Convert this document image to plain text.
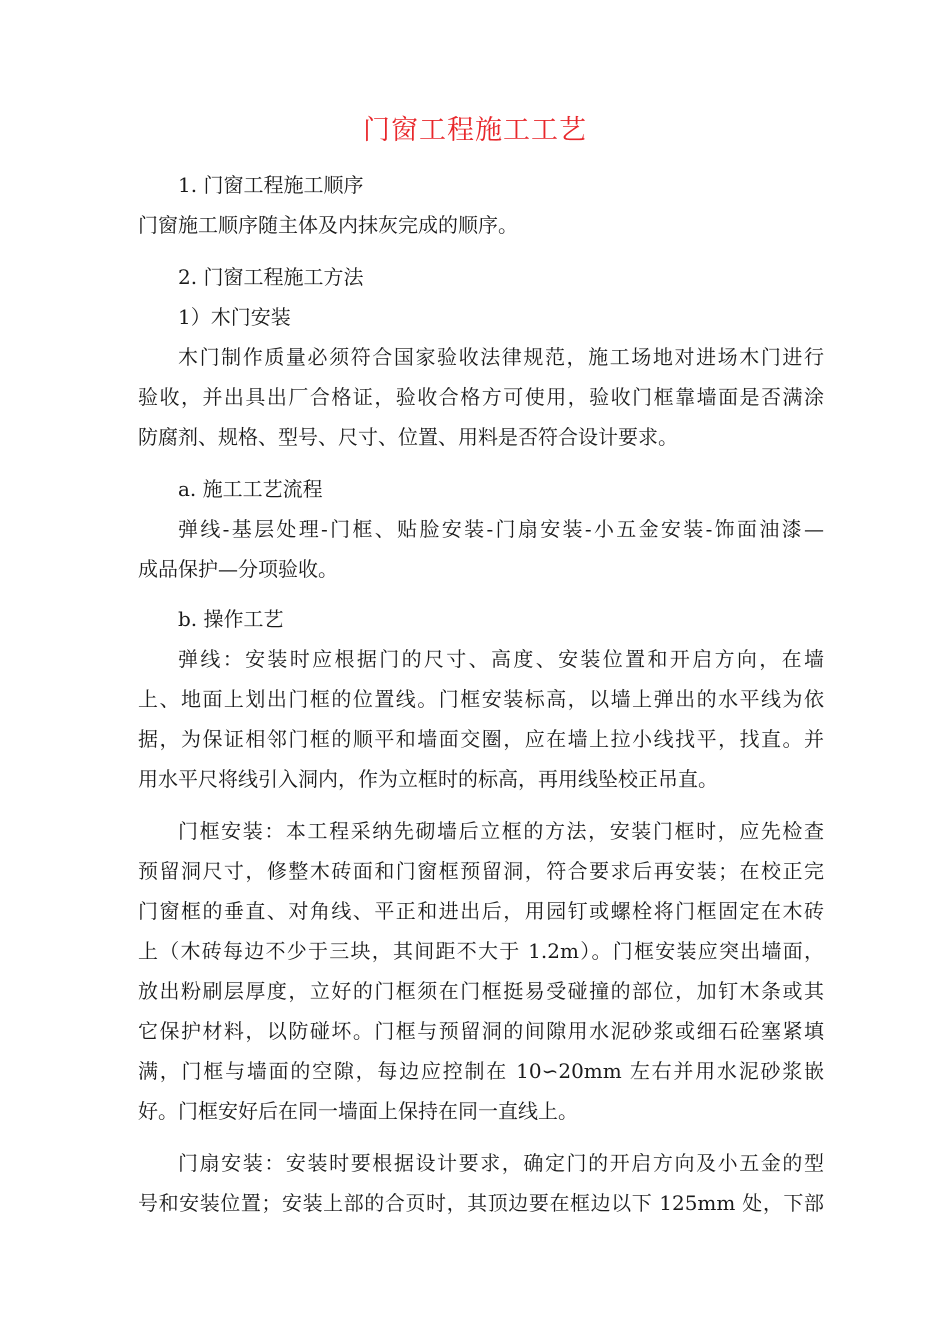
门窗工程施工工艺
1. 门窗工程施工顺序
门窗施工顺序随主体及内抹灰完成的顺序。
2. 门窗工程施工方法
1）木门安装
木门制作质量必须符合国家验收法律规范，施工场地对进场木门进行
验收，并出具出厂合格证，验收合格方可使用，验收门框靠墙面是否满涂
防腐剂、规格、型号、尺寸、位置、用料是否符合设计要求。
a. 施工工艺流程
弹线-基层处理-门框、贴脸安装-门扇安装-小五金安装-饰面油漆—
成品保护—分项验收。
b. 操作工艺
弹线：安装时应根据门的尺寸、高度、安装位置和开启方向，在墙
上、地面上划出门框的位置线。门框安装标高，以墙上弹出的水平线为依
据，为保证相邻门框的顺平和墙面交圈，应在墙上拉小线找平，找直。并
用水平尺将线引入洞内，作为立框时的标高，再用线坠校正吊直。
门框安装：本工程采纳先砌墙后立框的方法，安装门框时，应先检查
预留洞尺寸，修整木砖面和门窗框预留洞，符合要求后再安装；在校正完
门窗框的垂直、对角线、平正和进出后，用园钉或螺栓将门框固定在木砖
上（木砖每边不少于三块，其间距不大于 1.2m）。门框安装应突出墙面，
放出粉刷层厚度，立好的门框须在门框挺易受碰撞的部位，加钉木条或其
它保护材料，以防碰坏。门框与预留洞的间隙用水泥砂浆或细石砼塞紧填
满，门框与墙面的空隙，每边应控制在 10∽20mm 左右并用水泥砂浆嵌
好。门框安好后在同一墙面上保持在同一直线上。
门扇安装：安装时要根据设计要求，确定门的开启方向及小五金的型
号和安装位置；安装上部的合页时，其顶边要在框边以下 125mm 处，下部
